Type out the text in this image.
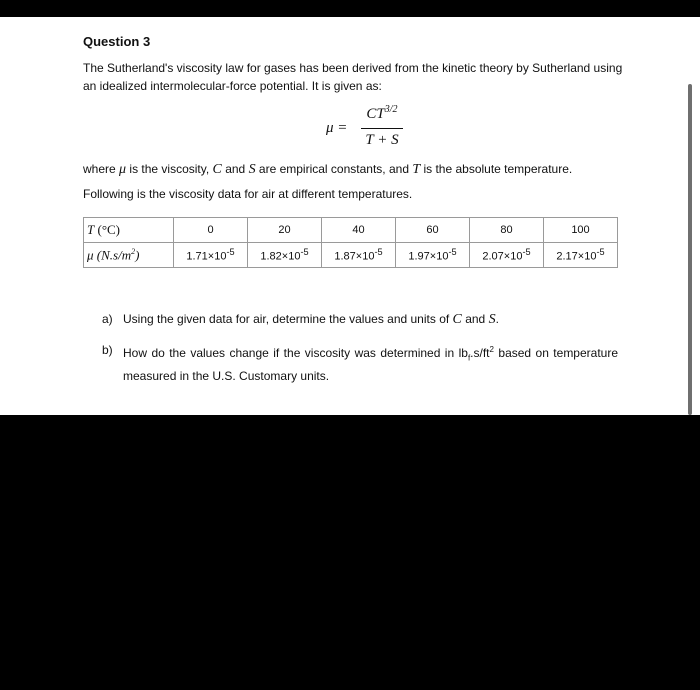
Question 3
The Sutherland's viscosity law for gases has been derived from the kinetic theory by Sutherland using an idealized intermolecular-force potential. It is given as:
μ =
$CT^{3/2}$
T + S
where μ is the viscosity, C and S are empirical constants, and T is the absolute temperature.
Following is the viscosity data for air at different temperatures.
T (°C)	0	20	40	60	80	100
μ $(N.s/m^2)$	$1.71\times 10^{-5}$	$1.82\times 10^{-5}$	$1.87\times 10^{-5}$	$1.97\times 10^{-5}$	$2.07\times 10^{-5}$	$2.17\times 10^{-5}$
a) Using the given data for air, determine the values and units of C and S.
b) How do the values change if the viscosity was determined in $lb_f.s/ft^2$ based on temperature measured in the U.S. Customary units.
